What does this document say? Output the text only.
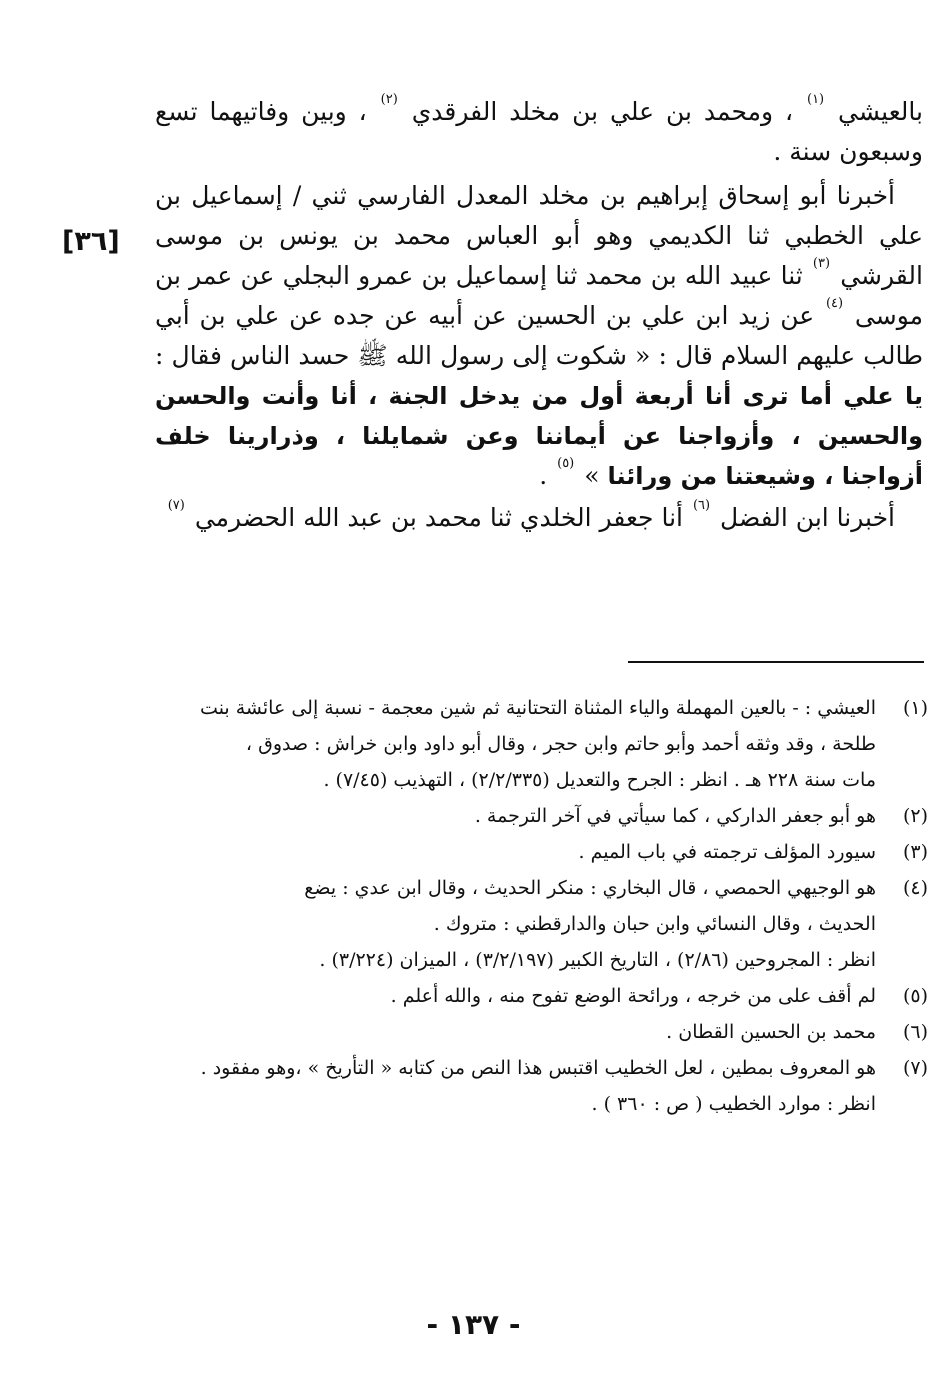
بالعيشي $^{(١)}$ ، ومحمد بن علي بن مخلد الفرقدي $^{(٢)}$ ، وبين وفاتيهما تسع وسبعون سنة .

أخبرنا أبو إسحاق إبراهيم بن مخلد المعدل الفارسي ثني / إسماعيل بن علي الخطبي ثنا الكديمي وهو أبو العباس محمد بن يونس بن موسى القرشي $^{(٣)}$ ثنا عبيد الله بن محمد ثنا إسماعيل بن عمرو البجلي عن عمر بن موسى $^{(٤)}$ عن زيد ابن علي بن الحسين عن أبيه عن جده عن علي بن أبي طالب عليهم السلام قال : « شكوت إلى رسول الله ﷺ حسد الناس فقال : يا علي أما ترى أنا أربعة أول من يدخل الجنة ، أنا وأنت والحسن والحسين ، وأزواجنا عن أيماننا وعن شمايلنا ، وذرارينا خلف أزواجنا ، وشيعتنا من ورائنا » $^{(٥)}$ .

أخبرنا ابن الفضل $^{(٦)}$ أنا جعفر الخلدي ثنا محمد بن عبد الله الحضرمي $^{(٧)}$

[٣٦]
(١)
العيشي : - بالعين المهملة والياء المثناة التحتانية ثم شين معجمة - نسبة إلى عائشة بنت
طلحة ، وقد وثقه أحمد وأبو حاتم وابن حجر ، وقال أبو داود وابن خراش : صدوق ،
مات سنة ٢٢٨ هـ . انظر : الجرح والتعديل (٢/٢/٣٣٥) ، التهذيب (٧/٤٥) .
(٢)
هو أبو جعفر الداركي ، كما سيأتي في آخر الترجمة .
(٣)
سيورد المؤلف ترجمته في باب الميم .
(٤)
هو الوجيهي الحمصي ، قال البخاري : منكر الحديث ، وقال ابن عدي : يضع
الحديث ، وقال النسائي وابن حبان والدارقطني : متروك .
انظر : المجروحين (٢/٨٦) ، التاريخ الكبير (٣/٢/١٩٧) ، الميزان (٣/٢٢٤) .
(٥)
لم أقف على من خرجه ، ورائحة الوضع تفوح منه ، والله أعلم .
(٦)
محمد بن الحسين القطان .
(٧)
هو المعروف بمطين ، لعل الخطيب اقتبس هذا النص من كتابه « التأريخ » ،وهو مفقود .
انظر : موارد الخطيب ( ص : ٣٦٠ ) .
- ١٣٧ -
